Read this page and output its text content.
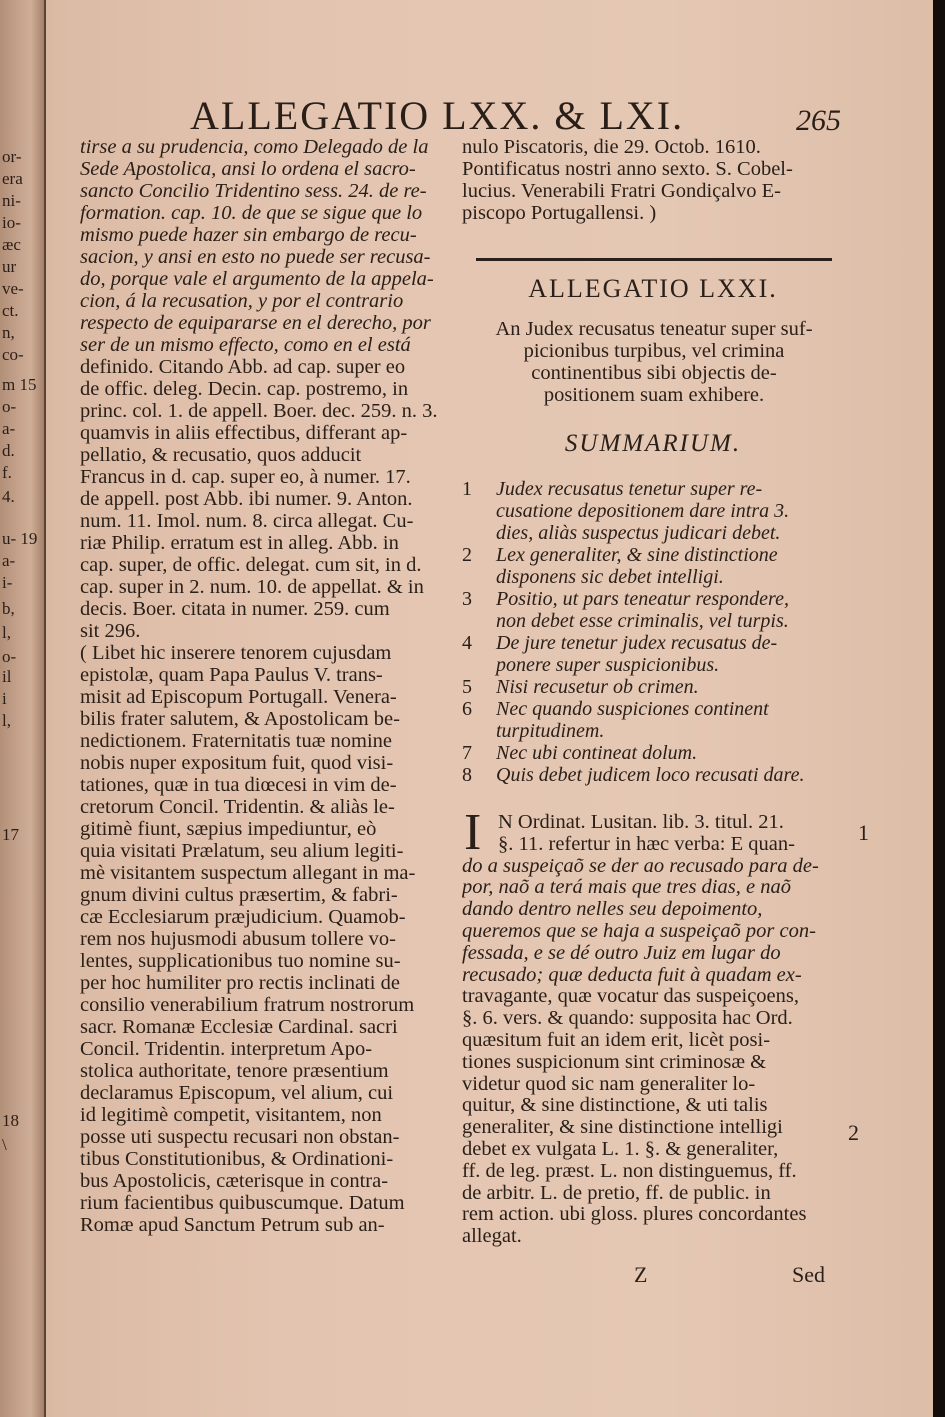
or-
era
ni-
io-
æc
ur
ve-
ct.
n,
co-
m 15
o-
a-
d.
f.
4.
u- 19
a-
i-
b,
l,
o-
il
i
l,
17
18
\
ALLEGATIO LXX. & LXI.	265
tirse a su prudencia, como Delegado de la
Sede Apostolica, ansi lo ordena el sacro-
sancto Concilio Tridentino sess. 24. de re-
formation. cap. 10. de que se sigue que lo
mismo puede hazer sin embargo de recu-
sacion, y ansi en esto no puede ser recusa-
do, porque vale el argumento de la appela-
cion, á la recusation, y por el contrario
respecto de equipararse en el derecho, por
ser de un mismo effecto, como en el está
definido. Citando Abb. ad cap. super eo
de offic. deleg. Decin. cap. postremo, in
princ. col. 1. de appell. Boer. dec. 259. n. 3.
quamvis in aliis effectibus, differant ap-
pellatio, & recusatio, quos adducit
Francus in d. cap. super eo, à numer. 17.
de appell. post Abb. ibi numer. 9. Anton.
num. 11. Imol. num. 8. circa allegat. Cu-
riæ Philip. erratum est in alleg. Abb. in
cap. super, de offic. delegat. cum sit, in d.
cap. super in 2. num. 10. de appellat. & in
decis. Boer. citata in numer. 259. cum
sit 296.
( Libet hic inserere tenorem cujusdam
epistolæ, quam Papa Paulus V. trans-
misit ad Episcopum Portugall. Venera-
bilis frater salutem, & Apostolicam be-
nedictionem. Fraternitatis tuæ nomine
nobis nuper expositum fuit, quod visi-
tationes, quæ in tua diœcesi in vim de-
cretorum Concil. Tridentin. & aliàs le-
gitimè fiunt, sæpius impediuntur, eò
quia visitati Prælatum, seu alium legiti-
mè visitantem suspectum allegant in ma-
gnum divini cultus præsertim, & fabri-
cæ Ecclesiarum præjudicium. Quamob-
rem nos hujusmodi abusum tollere vo-
lentes, supplicationibus tuo nomine su-
per hoc humiliter pro rectis inclinati de
consilio venerabilium fratrum nostrorum
sacr. Romanæ Ecclesiæ Cardinal. sacri
Concil. Tridentin. interpretum Apo-
stolica authoritate, tenore præsentium
declaramus Episcopum, vel alium, cui
id legitimè competit, visitantem, non
posse uti suspectu recusari non obstan-
tibus Constitutionibus, & Ordinationi-
bus Apostolicis, cæterisque in contra-
rium facientibus quibuscumque. Datum
Romæ apud Sanctum Petrum sub an-
nulo Piscatoris, die 29. Octob. 1610.
Pontificatus nostri anno sexto. S. Cobel-
lucius. Venerabili Fratri Gondiçalvo E-
piscopo Portugallensi. )
ALLEGATIO LXXI.
An Judex recusatus teneatur super suf-
picionibus turpibus, vel crimina
continentibus sibi objectis de-
positionem suam exhibere.
SUMMARIUM.
1	Judex recusatus tenetur super re-
cusatione depositionem dare intra 3.
dies, aliàs suspectus judicari debet.
2	Lex generaliter, & sine distinctione
disponens sic debet intelligi.
3	Positio, ut pars teneatur respondere,
non debet esse criminalis, vel turpis.
4	De jure tenetur judex recusatus de-
ponere super suspicionibus.
5	Nisi recusetur ob crimen.
6	Nec quando suspiciones continent
turpitudinem.
7	Nec ubi contineat dolum.
8	Quis debet judicem loco recusati dare.
I N Ordinat. Lusitan. lib. 3. titul. 21.
§. 11. refertur in hæc verba: E quan-
do a suspeiçaõ se der ao recusado para de-
por, naõ a terá mais que tres dias, e naõ
dando dentro nelles seu depoimento,
queremos que se haja a suspeiçaõ por con-
fessada, e se dé outro Juiz em lugar do
recusado; quæ deducta fuit à quadam ex-
travagante, quæ vocatur das suspeiçoens,
§. 6. vers. & quando: supposita hac Ord.
quæsitum fuit an idem erit, licèt posi-
tiones suspicionum sint criminosæ &
videtur quod sic nam generaliter lo-
quitur, & sine distinctione, & uti talis
generaliter, & sine distinctione intelligi
debet ex vulgata L. 1. §. & generaliter,
ff. de leg. præst. L. non distinguemus, ff.
de arbitr. L. de pretio, ff. de public. in
rem action. ubi gloss. plures concordantes
allegat.
1
2
Z	Sed
